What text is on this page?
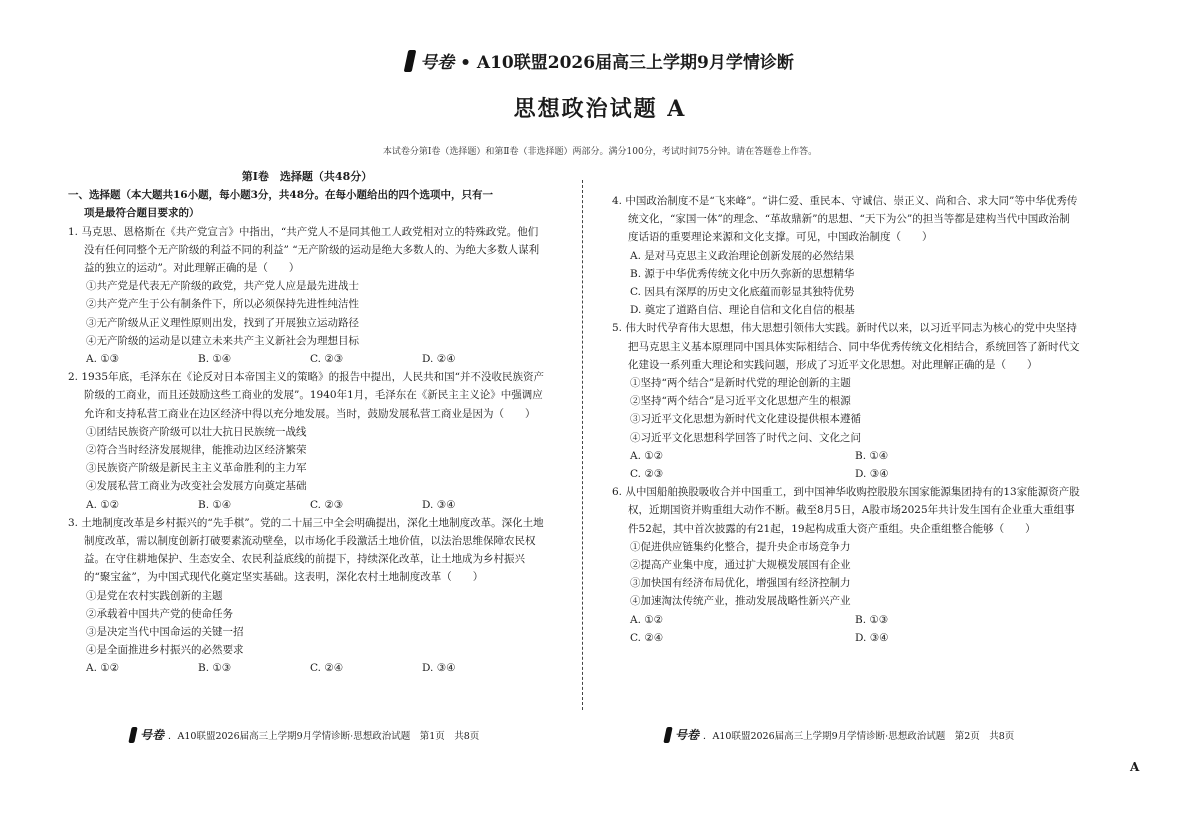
号卷 • A10联盟2026届高三上学期9月学情诊断
思想政治试题 A
本试卷分第Ⅰ卷（选择题）和第Ⅱ卷（非选择题）两部分。满分100分，考试时间75分钟。请在答题卷上作答。
第Ⅰ卷　选择题（共48分）
一、选择题（本大题共16小题，每小题3分，共48分。在每小题给出的四个选项中，只有一
项是最符合题目要求的）
1. 马克思、恩格斯在《共产党宣言》中指出，“共产党人不是同其他工人政党相对立的特殊政党。他们没有任何同整个无产阶级的利益不同的利益” “无产阶级的运动是绝大多数人的、为绝大多数人谋利益的独立的运动”。对此理解正确的是（　　）
①共产党是代表无产阶级的政党，共产党人应是最先进战士
②共产党产生于公有制条件下，所以必须保持先进性纯洁性
③无产阶级从正义理性原则出发，找到了开展独立运动路径
④无产阶级的运动是以建立未来共产主义新社会为理想目标
A. ①③	B. ①④	C. ②③	D. ②④
2. 1935年底，毛泽东在《论反对日本帝国主义的策略》的报告中提出，人民共和国“并不没收民族资产阶级的工商业，而且还鼓励这些工商业的发展”。1940年1月，毛泽东在《新民主主义论》中强调应允许和支持私营工商业在边区经济中得以充分地发展。当时，鼓励发展私营工商业是因为（　　）
①团结民族资产阶级可以壮大抗日民族统一战线
②符合当时经济发展规律，能推动边区经济繁荣
③民族资产阶级是新民主主义革命胜利的主力军
④发展私营工商业为改变社会发展方向奠定基础
A. ①②	B. ①④	C. ②③	D. ③④
3. 土地制度改革是乡村振兴的“先手棋”。党的二十届三中全会明确提出，深化土地制度改革。深化土地制度改革，需以制度创新打破要素流动壁垒，以市场化手段激活土地价值，以法治思维保障农民权益。在守住耕地保护、生态安全、农民利益底线的前提下，持续深化改革，让土地成为乡村振兴的“聚宝盆”，为中国式现代化奠定坚实基础。这表明，深化农村土地制度改革（　　）
①是党在农村实践创新的主题
②承载着中国共产党的使命任务
③是决定当代中国命运的关键一招
④是全面推进乡村振兴的必然要求
A. ①②	B. ①③	C. ②④	D. ③④
4. 中国政治制度不是“飞来峰”。“讲仁爱、重民本、守诚信、崇正义、尚和合、求大同”等中华优秀传统文化，“家国一体”的理念、“革故鼎新”的思想、“天下为公”的担当等都是建构当代中国政治制度话语的重要理论来源和文化支撑。可见，中国政治制度（　　）
A. 是对马克思主义政治理论创新发展的必然结果
B. 源于中华优秀传统文化中历久弥新的思想精华
C. 因具有深厚的历史文化底蕴而彰显其独特优势
D. 奠定了道路自信、理论自信和文化自信的根基
5. 伟大时代孕育伟大思想，伟大思想引领伟大实践。新时代以来，以习近平同志为核心的党中央坚持把马克思主义基本原理同中国具体实际相结合、同中华优秀传统文化相结合，系统回答了新时代文化建设一系列重大理论和实践问题，形成了习近平文化思想。对此理解正确的是（　　）
①坚持“两个结合”是新时代党的理论创新的主题
②坚持“两个结合”是习近平文化思想产生的根源
③习近平文化思想为新时代文化建设提供根本遵循
④习近平文化思想科学回答了时代之问、文化之问
A. ①②	B. ①④
C. ②③	D. ③④
6. 从中国船舶换股吸收合并中国重工，到中国神华收购控股股东国家能源集团持有的13家能源资产股权，近期国资并购重组大动作不断。截至8月5日，A股市场2025年共计发生国有企业重大重组事件52起，其中首次披露的有21起，19起构成重大资产重组。央企重组整合能够（　　）
①促进供应链集约化整合，提升央企市场竞争力
②提高产业集中度，通过扩大规模发展国有企业
③加快国有经济布局优化，增强国有经济控制力
④加速淘汰传统产业，推动发展战略性新兴产业
A. ①②	B. ①③
C. ②④	D. ③④
号卷 ．A10联盟2026届高三上学期9月学情诊断·思想政治试题　第1页　共8页	号卷 ．A10联盟2026届高三上学期9月学情诊断·思想政治试题　第2页　共8页
A
